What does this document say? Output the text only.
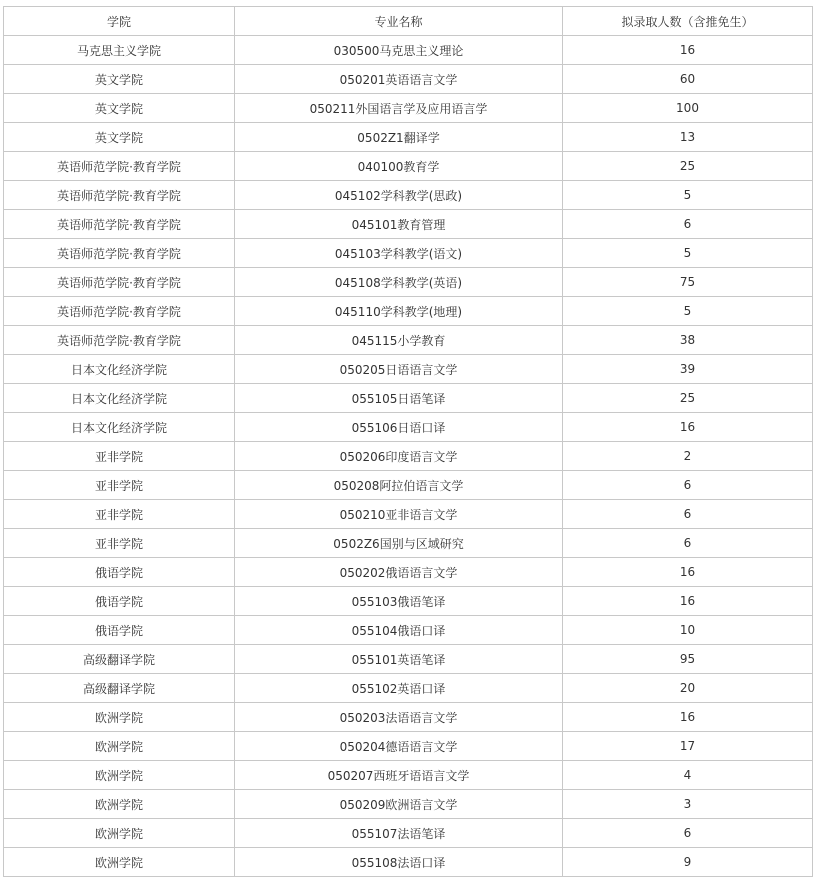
学院	专业名称	拟录取人数（含推免生）
马克思主义学院	030500马克思主义理论	16
英文学院	050201英语语言文学	60
英文学院	050211外国语言学及应用语言学	100
英文学院	0502Z1翻译学	13
英语师范学院·教育学院	040100教育学	25
英语师范学院·教育学院	045102学科教学(思政)	5
英语师范学院·教育学院	045101教育管理	6
英语师范学院·教育学院	045103学科教学(语文)	5
英语师范学院·教育学院	045108学科教学(英语)	75
英语师范学院·教育学院	045110学科教学(地理)	5
英语师范学院·教育学院	045115小学教育	38
日本文化经济学院	050205日语语言文学	39
日本文化经济学院	055105日语笔译	25
日本文化经济学院	055106日语口译	16
亚非学院	050206印度语言文学	2
亚非学院	050208阿拉伯语言文学	6
亚非学院	050210亚非语言文学	6
亚非学院	0502Z6国别与区域研究	6
俄语学院	050202俄语语言文学	16
俄语学院	055103俄语笔译	16
俄语学院	055104俄语口译	10
高级翻译学院	055101英语笔译	95
高级翻译学院	055102英语口译	20
欧洲学院	050203法语语言文学	16
欧洲学院	050204德语语言文学	17
欧洲学院	050207西班牙语语言文学	4
欧洲学院	050209欧洲语言文学	3
欧洲学院	055107法语笔译	6
欧洲学院	055108法语口译	9
